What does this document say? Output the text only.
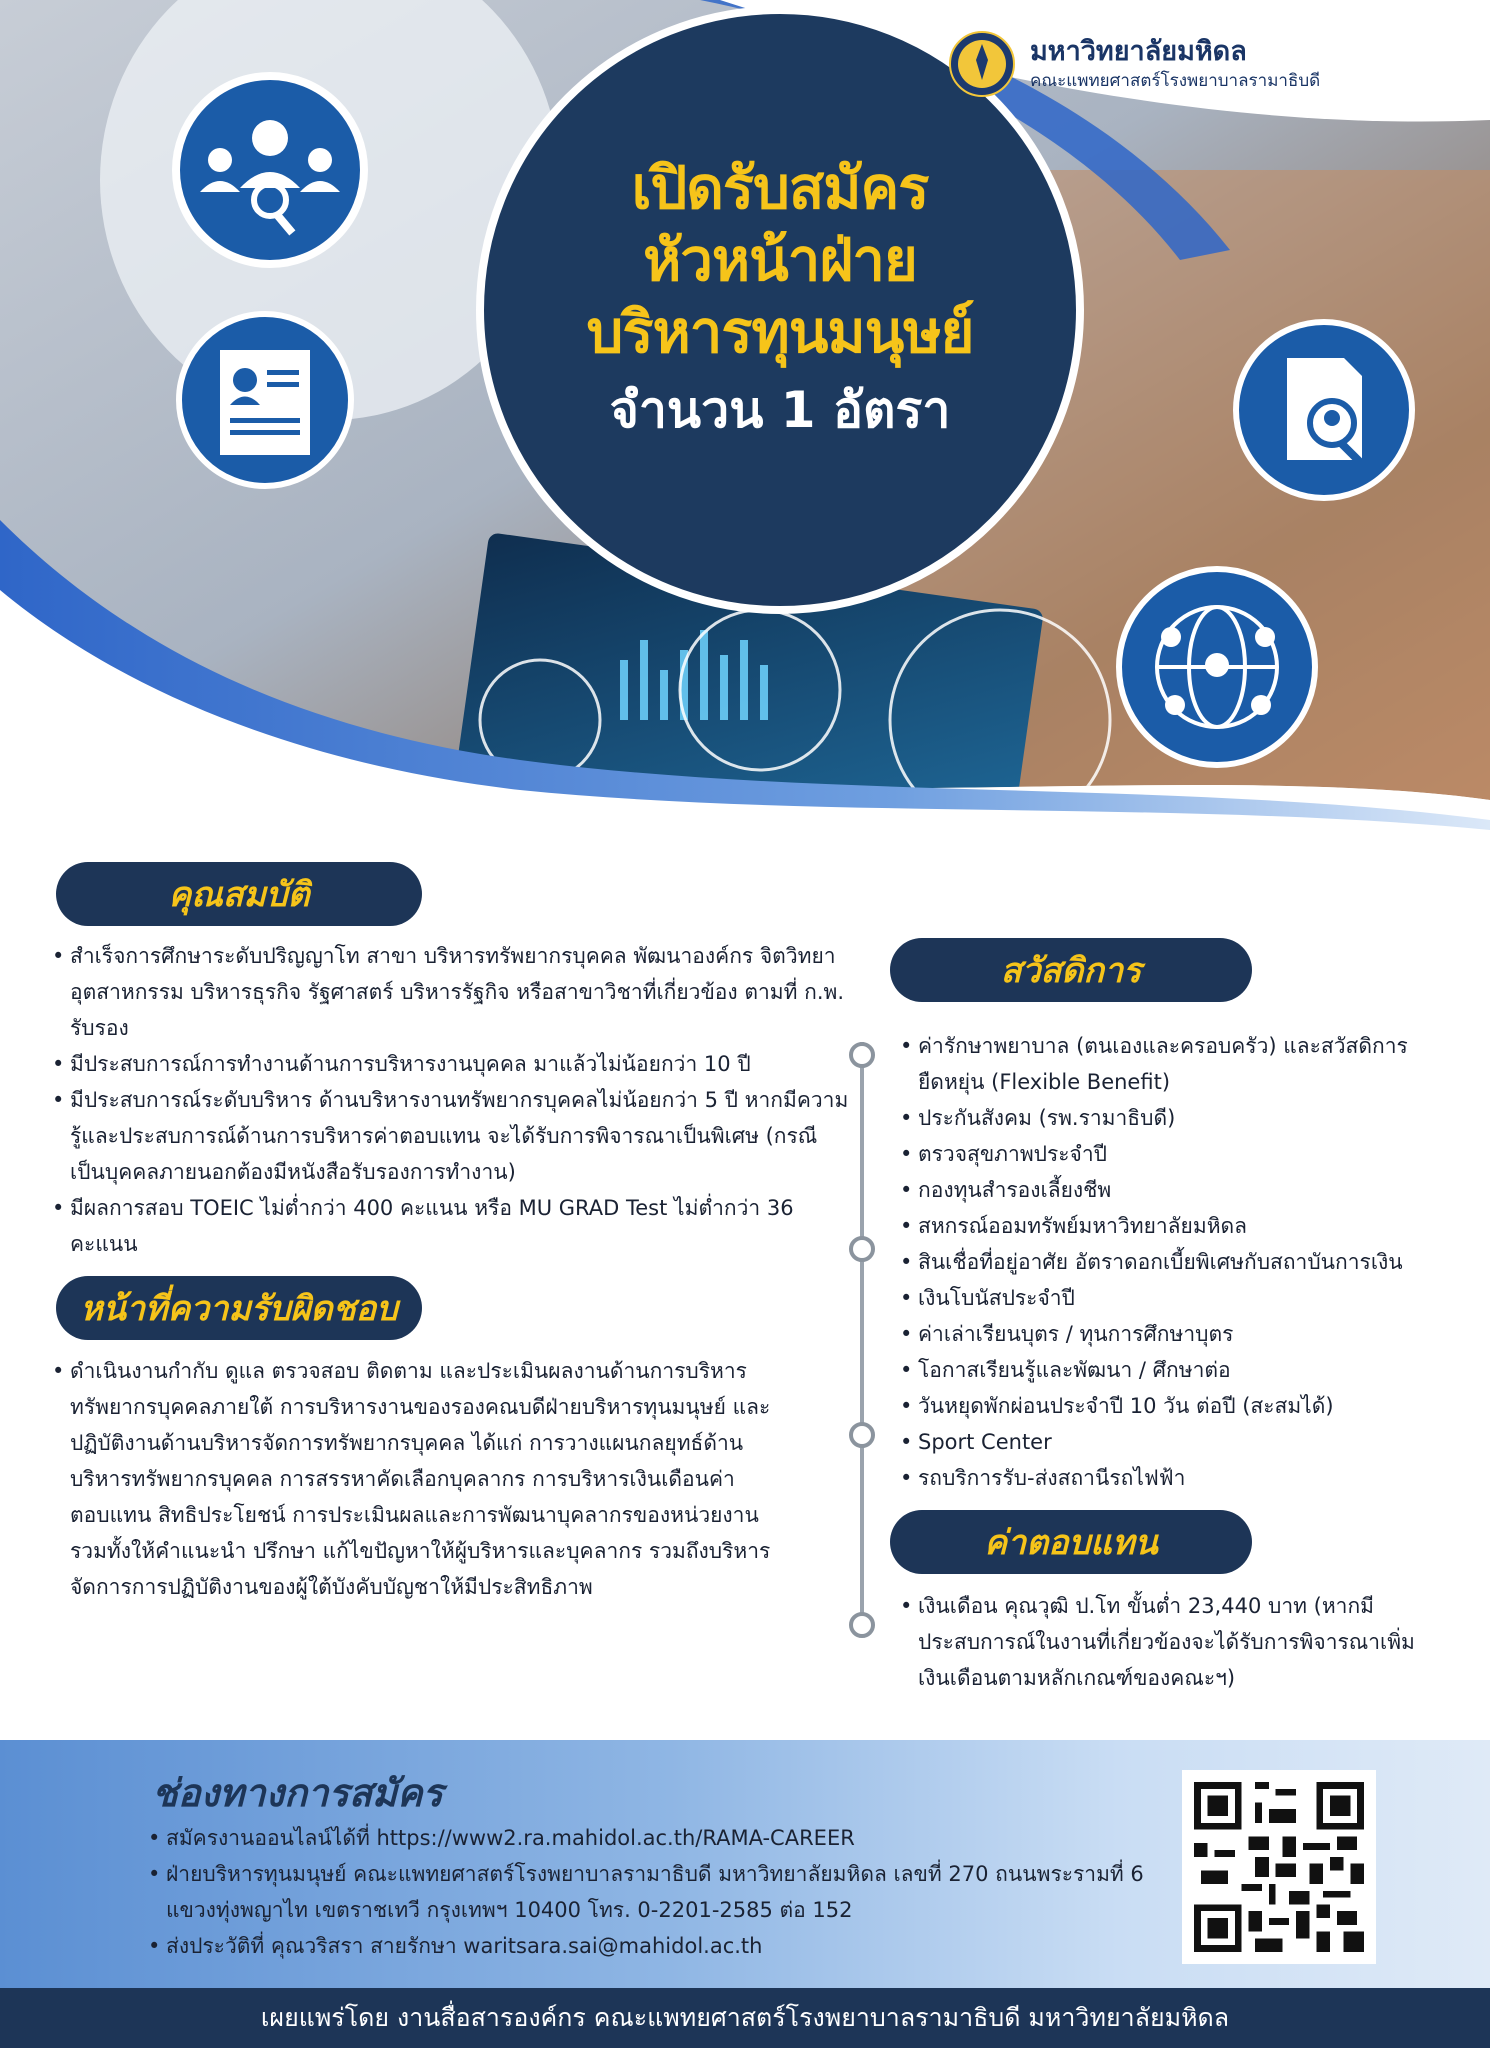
มหาวิทยาลัยมหิดล
คณะแพทยศาสตร์โรงพยาบาลรามาธิบดี
เปิดรับสมัคร
หัวหน้าฝ่าย
บริหารทุนมนุษย์
จำนวน 1 อัตรา
คุณสมบัติ
• สำเร็จการศึกษาระดับปริญญาโท สาขา บริหารทรัพยากรบุคคล พัฒนาองค์กร จิตวิทยาอุตสาหกรรม บริหารธุรกิจ รัฐศาสตร์ บริหารรัฐกิจ หรือสาขาวิชาที่เกี่ยวข้อง ตามที่ ก.พ. รับรอง
• มีประสบการณ์การทำงานด้านการบริหารงานบุคคล มาแล้วไม่น้อยกว่า 10 ปี
• มีประสบการณ์ระดับบริหาร ด้านบริหารงานทรัพยากรบุคคลไม่น้อยกว่า 5 ปี หากมีความรู้และประสบการณ์ด้านการบริหารค่าตอบแทน จะได้รับการพิจารณาเป็นพิเศษ (กรณีเป็นบุคคลภายนอกต้องมีหนังสือรับรองการทำงาน)
• มีผลการสอบ TOEIC ไม่ต่ำกว่า 400 คะแนน หรือ MU GRAD Test ไม่ต่ำกว่า 36 คะแนน
หน้าที่ความรับผิดชอบ
• ดำเนินงานกำกับ ดูแล ตรวจสอบ ติดตาม และประเมินผลงานด้านการบริหารทรัพยากรบุคคลภายใต้ การบริหารงานของรองคณบดีฝ่ายบริหารทุนมนุษย์ และปฏิบัติงานด้านบริหารจัดการทรัพยากรบุคคล ได้แก่ การวางแผนกลยุทธ์ด้านบริหารทรัพยากรบุคคล การสรรหาคัดเลือกบุคลากร การบริหารเงินเดือนค่าตอบแทน สิทธิประโยชน์ การประเมินผลและการพัฒนาบุคลากรของหน่วยงาน รวมทั้งให้คำแนะนำ ปรึกษา แก้ไขปัญหาให้ผู้บริหารและบุคลากร รวมถึงบริหารจัดการการปฏิบัติงานของผู้ใต้บังคับบัญชาให้มีประสิทธิภาพ
สวัสดิการ
• ค่ารักษาพยาบาล (ตนเองและครอบครัว) และสวัสดิการยืดหยุ่น (Flexible Benefit)
• ประกันสังคม (รพ.รามาธิบดี)
• ตรวจสุขภาพประจำปี
• กองทุนสำรองเลี้ยงชีพ
• สหกรณ์ออมทรัพย์มหาวิทยาลัยมหิดล
• สินเชื่อที่อยู่อาศัย อัตราดอกเบี้ยพิเศษกับสถาบันการเงิน
• เงินโบนัสประจำปี
• ค่าเล่าเรียนบุตร / ทุนการศึกษาบุตร
• โอกาสเรียนรู้และพัฒนา / ศึกษาต่อ
• วันหยุดพักผ่อนประจำปี 10 วัน ต่อปี (สะสมได้)
• Sport Center
• รถบริการรับ-ส่งสถานีรถไฟฟ้า
ค่าตอบแทน
• เงินเดือน คุณวุฒิ ป.โท ขั้นต่ำ 23,440 บาท (หากมีประสบการณ์ในงานที่เกี่ยวข้องจะได้รับการพิจารณาเพิ่มเงินเดือนตามหลักเกณฑ์ของคณะฯ)
ช่องทางการสมัคร
• สมัครงานออนไลน์ได้ที่ https://www2.ra.mahidol.ac.th/RAMA-CAREER
• ฝ่ายบริหารทุนมนุษย์ คณะแพทยศาสตร์โรงพยาบาลรามาธิบดี มหาวิทยาลัยมหิดล เลขที่ 270 ถนนพระรามที่ 6 แขวงทุ่งพญาไท เขตราชเทวี กรุงเทพฯ 10400 โทร. 0-2201-2585 ต่อ 152
• ส่งประวัติที่ คุณวริสรา สายรักษา waritsara.sai@mahidol.ac.th
เผยแพร่โดย งานสื่อสารองค์กร คณะแพทยศาสตร์โรงพยาบาลรามาธิบดี มหาวิทยาลัยมหิดล
